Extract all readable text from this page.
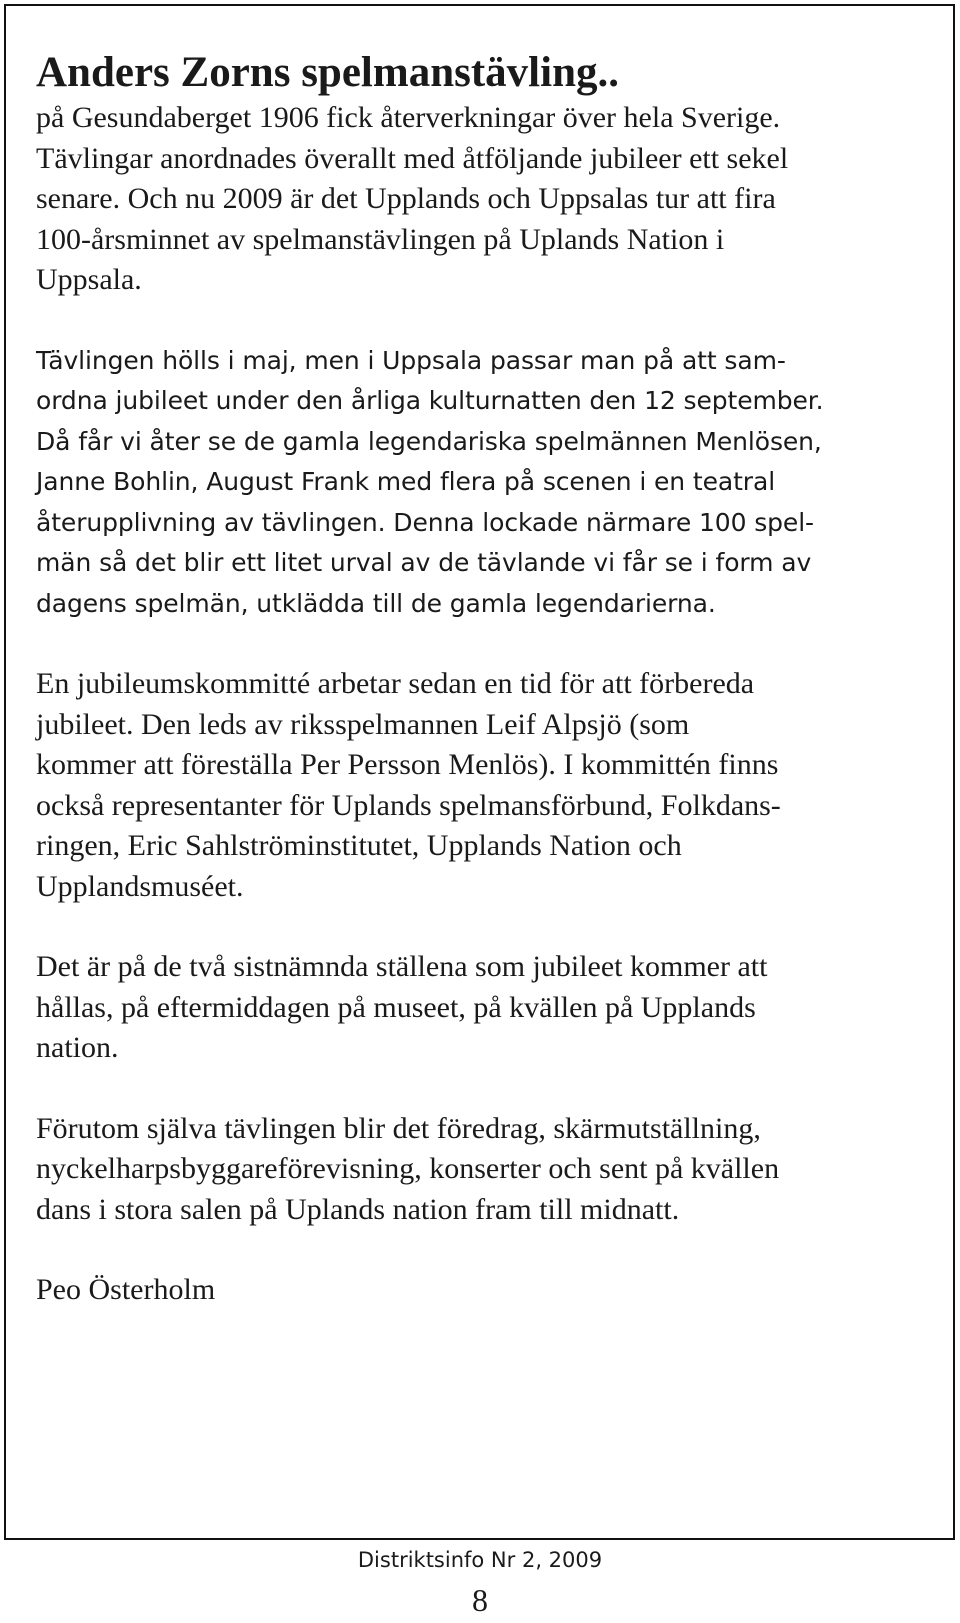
Anders Zorns spelmanstävling..

på Gesundaberget 1906 fick återverkningar över hela Sverige.
Tävlingar anordnades överallt med åtföljande jubileer ett sekel
senare. Och nu 2009 är det Upplands och Uppsalas tur att fira
100-årsminnet av spelmanstävlingen på Uplands Nation i
Uppsala.

Tävlingen hölls i maj, men i Uppsala passar man på att sam-
ordna jubileet under den årliga kulturnatten den 12 september.
Då får vi åter se de gamla legendariska spelmännen Menlösen,
Janne Bohlin, August Frank med flera på scenen i en teatral
återupplivning av tävlingen. Denna lockade närmare 100 spel-
män så det blir ett litet urval av de tävlande vi får se i form av
dagens spelmän, utklädda till de gamla legendarierna.

En jubileumskommitté arbetar sedan en tid för att förbereda
jubileet. Den leds av riksspelmannen Leif Alpsjö (som
kommer att föreställa Per Persson Menlös). I kommittén finns
också representanter för Uplands spelmansförbund, Folkdans-
ringen, Eric Sahlströminstitutet, Upplands Nation och
Upplandsmuséet.

Det är på de två sistnämnda ställena som jubileet kommer att
hållas, på eftermiddagen på museet, på kvällen på Upplands
nation.

Förutom själva tävlingen blir det föredrag, skärmutställning,
nyckelharpsbyggareförevisning, konserter och sent på kvällen
dans i stora salen på Uplands nation fram till midnatt.

Peo Österholm

Distriktsinfo Nr 2, 2009
8
